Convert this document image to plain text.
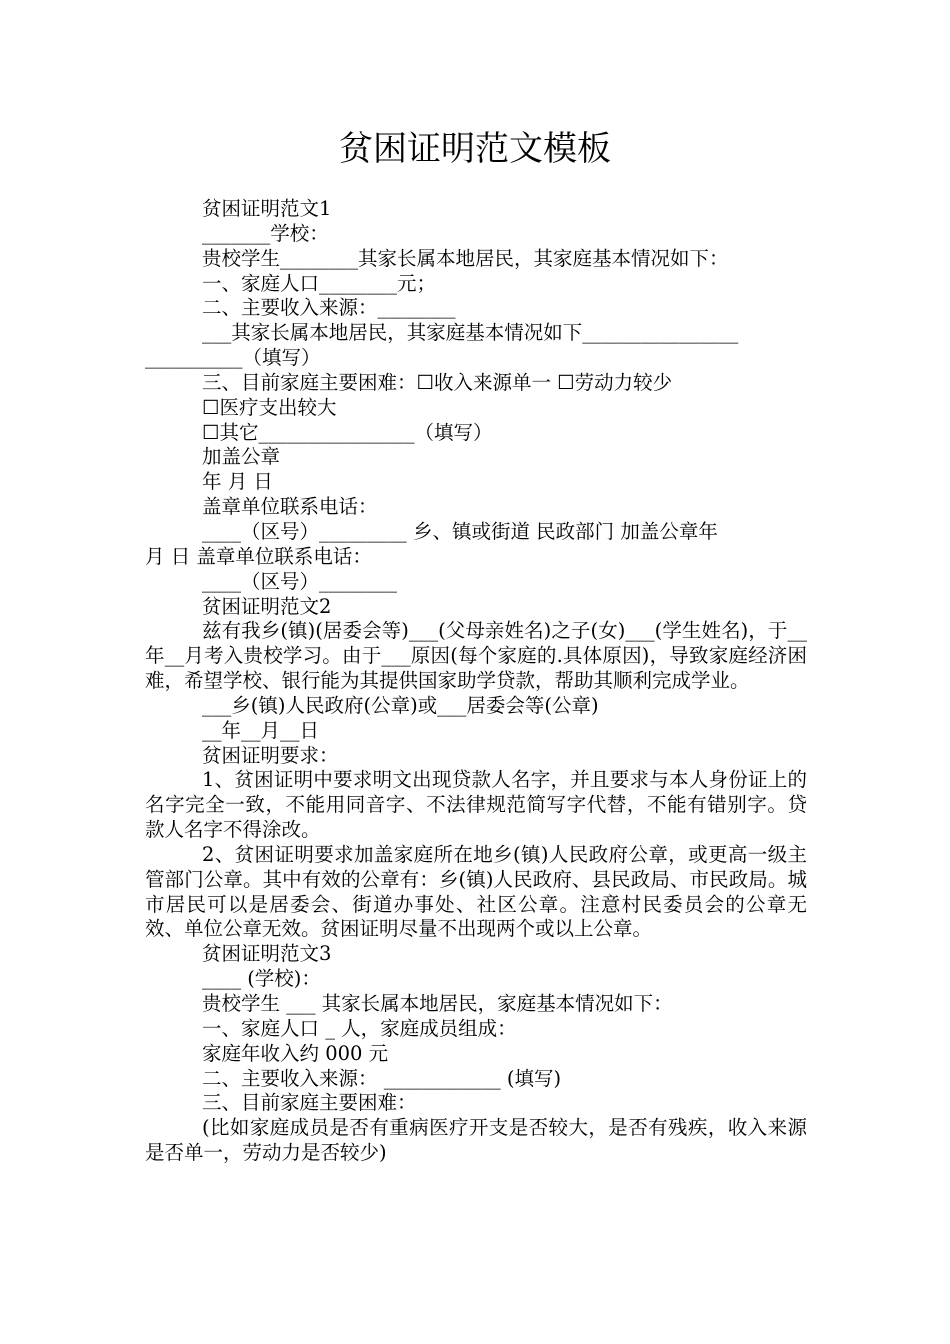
贫困证明范文模板

贫困证明范文1

_______学校：

贵校学生________其家长属本地居民，其家庭基本情况如下：

一、家庭人口________元；

二、主要收入来源：________

___其家长属本地居民，其家庭基本情况如下________________

__________（填写）

三、目前家庭主要困难：☐收入来源单一 ☐劳动力较少

☐医疗支出较大

☐其它________________（填写）

加盖公章

年 月 日

盖章单位联系电话：

____（区号）_________ 乡、镇或街道 民政部门 加盖公章年

月 日 盖章单位联系电话：

____（区号）________

贫困证明范文2

兹有我乡(镇)(居委会等)___(父母亲姓名)之子(女)___(学生姓名)，于__年__月考入贵校学习。由于___原因(每个家庭的.具体原因)，导致家庭经济困难，希望学校、银行能为其提供国家助学贷款，帮助其顺利完成学业。

___乡(镇)人民政府(公章)或___居委会等(公章)

__年__月__日

贫困证明要求：

1、贫困证明中要求明文出现贷款人名字，并且要求与本人身份证上的名字完全一致，不能用同音字、不法律规范简写字代替，不能有错别字。贷款人名字不得涂改。

2、贫困证明要求加盖家庭所在地乡(镇)人民政府公章，或更高一级主管部门公章。其中有效的公章有：乡(镇)人民政府、县民政局、市民政局。城市居民可以是居委会、街道办事处、社区公章。注意村民委员会的公章无效、单位公章无效。贫困证明尽量不出现两个或以上公章。

贫困证明范文3

____ (学校)：

贵校学生 ___ 其家长属本地居民，家庭基本情况如下：

一、家庭人口 _ 人，家庭成员组成：

家庭年收入约 000 元

二、主要收入来源： ____________ (填写)

三、目前家庭主要困难：

(比如家庭成员是否有重病医疗开支是否较大，是否有残疾，收入来源是否单一，劳动力是否较少)
